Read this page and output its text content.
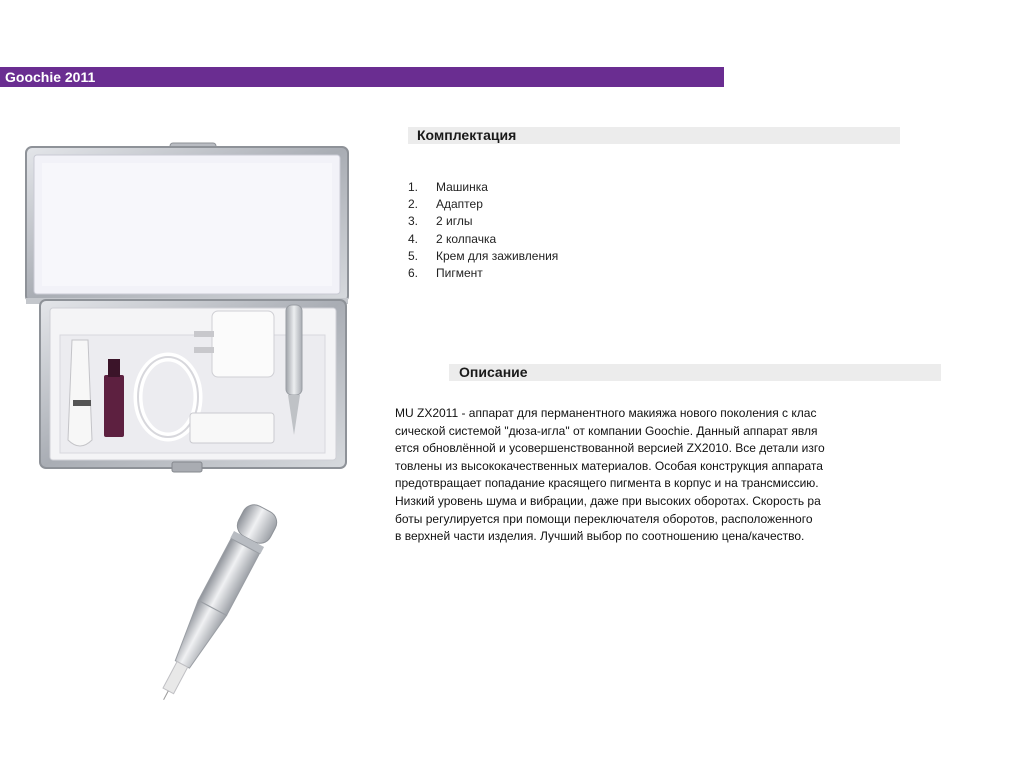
Goochie 2011
Комплектация
1.	Машинка
2.	Адаптер
3.	2 иглы
4.	2 колпачка
5.	Крем для заживления
6.	Пигмент
Описание
MU ZX2011 - аппарат для перманентного макияжа нового поколения с клас
сической системой "дюза-игла" от компании Goochie. Данный аппарат явля
ется обновлённой и усовершенствованной версией ZX2010. Все детали изго
товлены из высококачественных материалов. Особая конструкция аппарата
предотвращает попадание красящего пигмента в корпус и на трансмиссию.
Низкий уровень шума и вибрации, даже при высоких оборотах. Скорость ра
боты регулируется при помощи переключателя оборотов, расположенного
в верхней части изделия. Лучший выбор по соотношению цена/качество.
